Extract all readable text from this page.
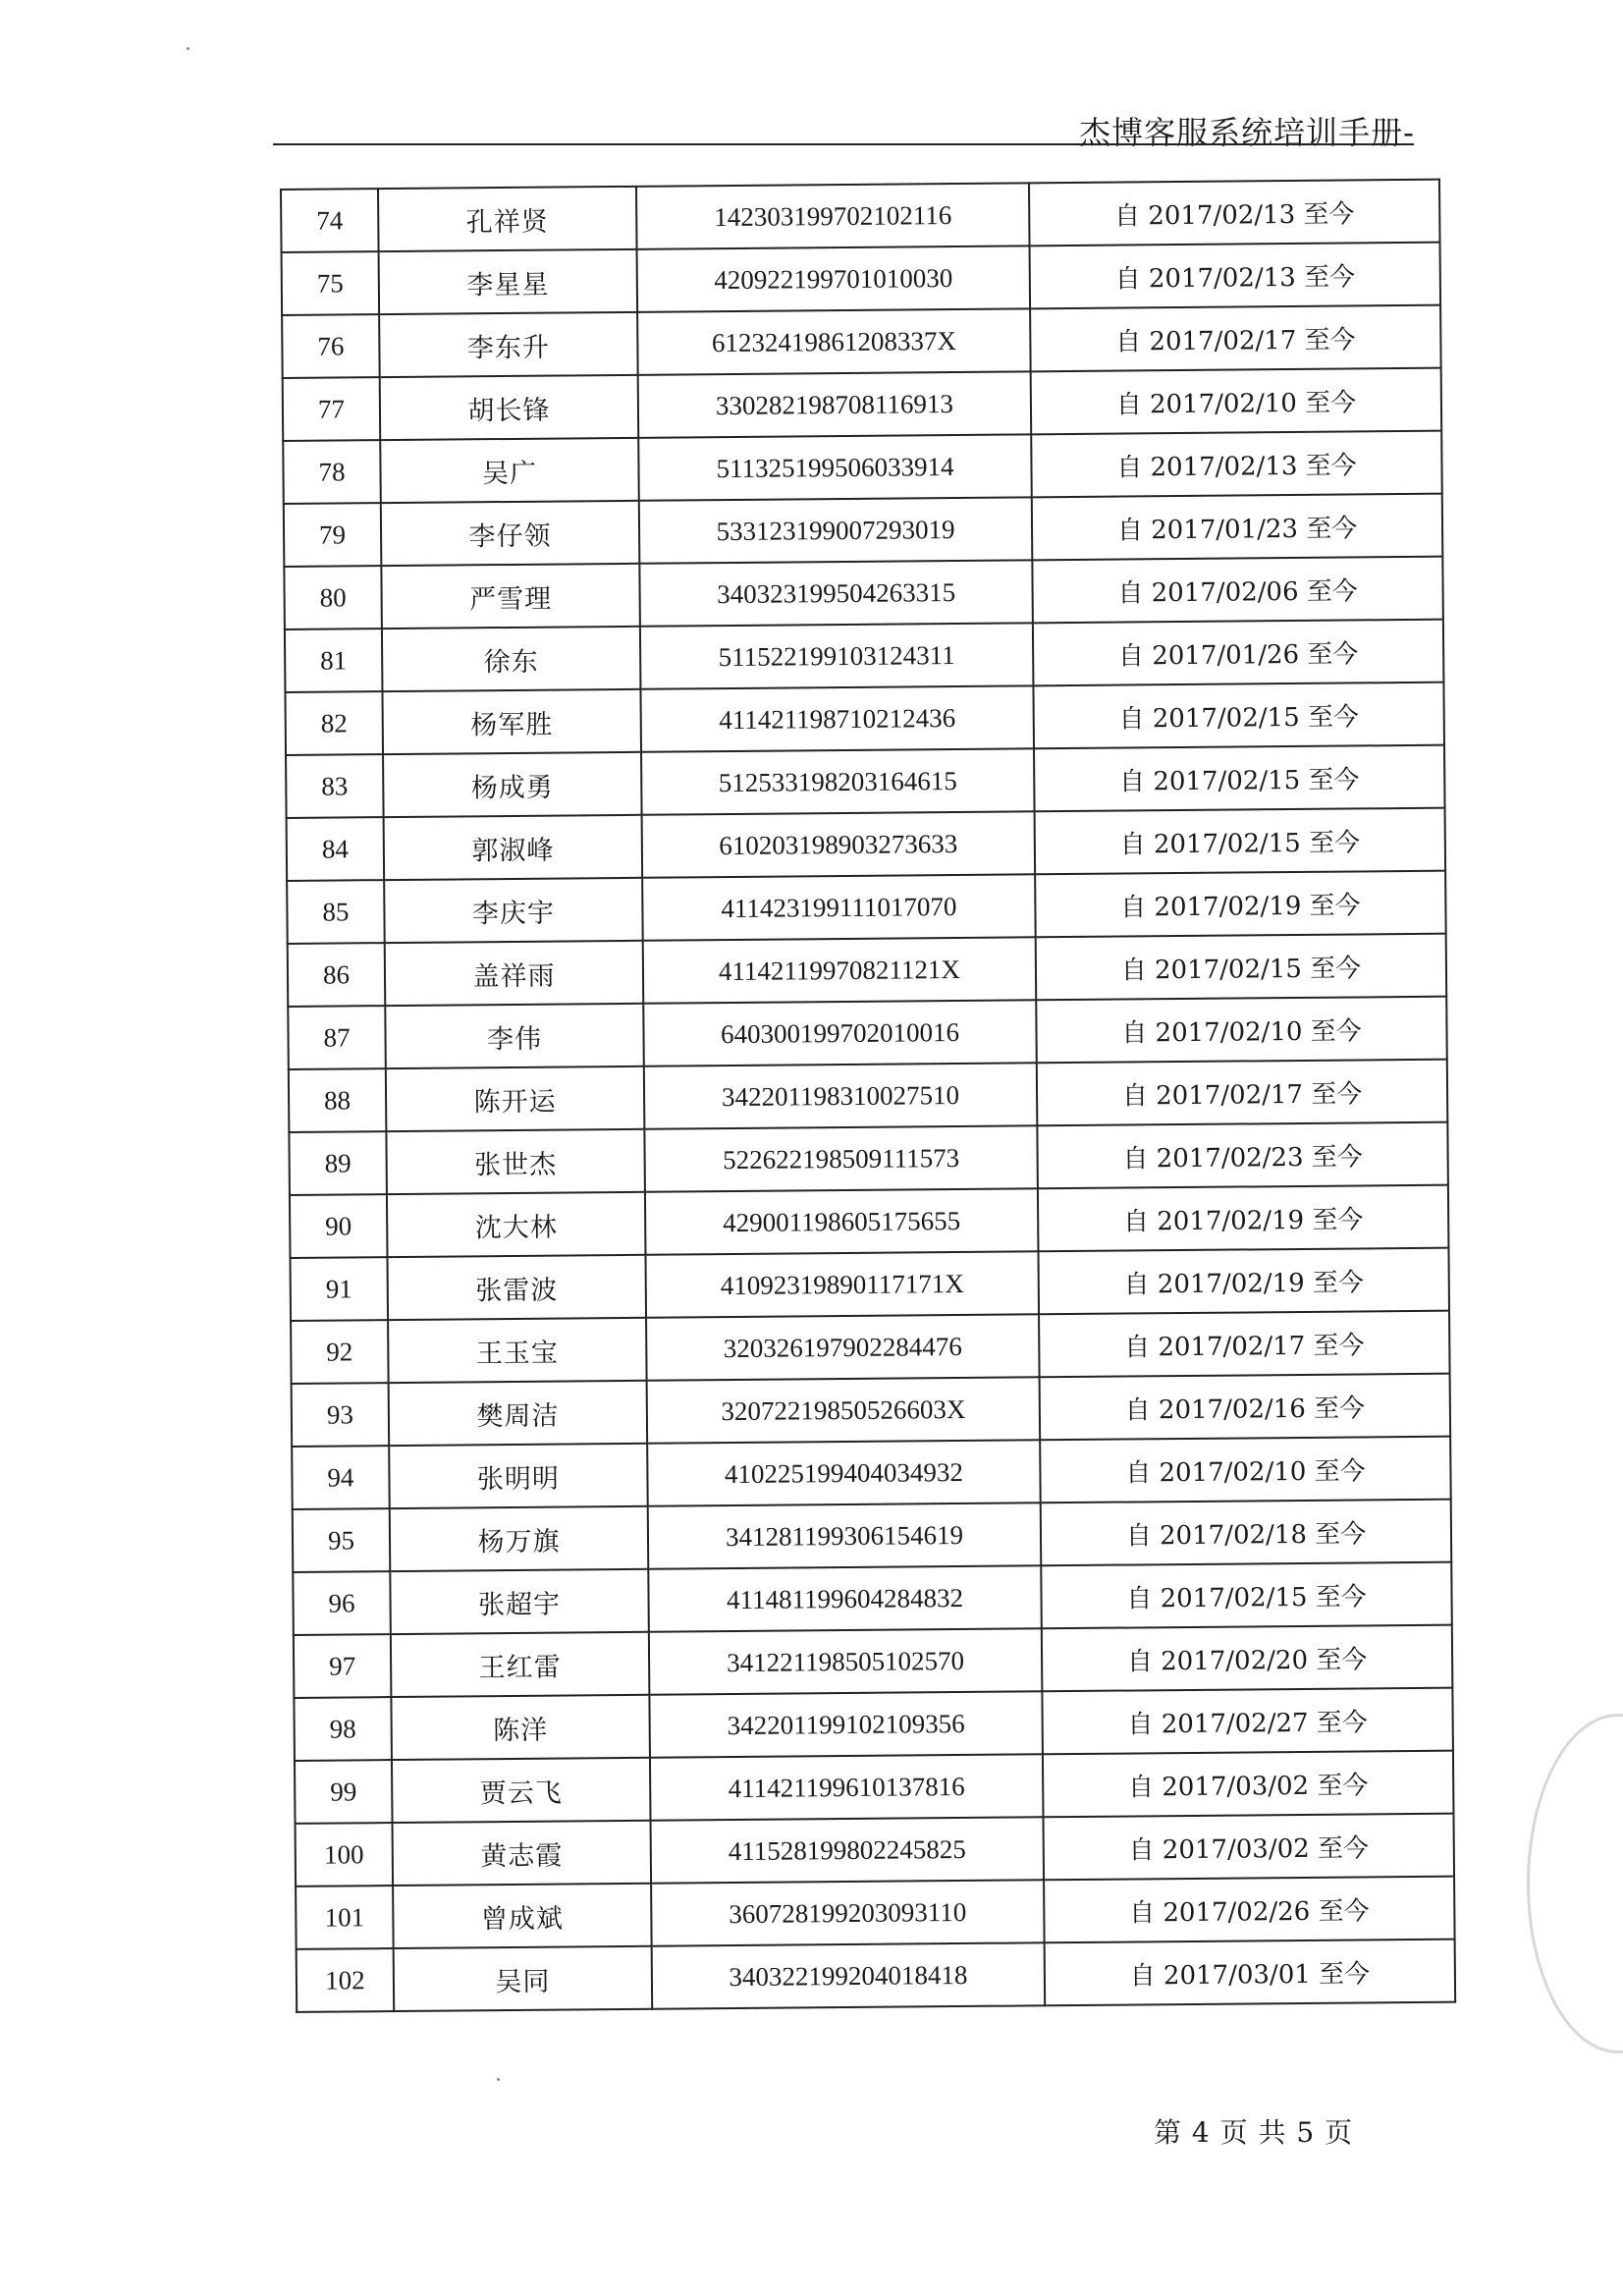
杰博客服系统培训手册-
74	孔祥贤	142303199702102116	自 2017/02/13 至今
75	李星星	420922199701010030	自 2017/02/13 至今
76	李东升	61232419861208337X	自 2017/02/17 至今
77	胡长锋	330282198708116913	自 2017/02/10 至今
78	吴广	511325199506033914	自 2017/02/13 至今
79	李仔领	533123199007293019	自 2017/01/23 至今
80	严雪理	340323199504263315	自 2017/02/06 至今
81	徐东	511522199103124311	自 2017/01/26 至今
82	杨军胜	411421198710212436	自 2017/02/15 至今
83	杨成勇	512533198203164615	自 2017/02/15 至今
84	郭淑峰	610203198903273633	自 2017/02/15 至今
85	李庆宇	411423199111017070	自 2017/02/19 至今
86	盖祥雨	41142119970821121X	自 2017/02/15 至今
87	李伟	640300199702010016	自 2017/02/10 至今
88	陈开运	342201198310027510	自 2017/02/17 至今
89	张世杰	522622198509111573	自 2017/02/23 至今
90	沈大林	429001198605175655	自 2017/02/19 至今
91	张雷波	41092319890117171X	自 2017/02/19 至今
92	王玉宝	320326197902284476	自 2017/02/17 至今
93	樊周洁	32072219850526603X	自 2017/02/16 至今
94	张明明	410225199404034932	自 2017/02/10 至今
95	杨万旗	341281199306154619	自 2017/02/18 至今
96	张超宇	411481199604284832	自 2017/02/15 至今
97	王红雷	341221198505102570	自 2017/02/20 至今
98	陈洋	342201199102109356	自 2017/02/27 至今
99	贾云飞	411421199610137816	自 2017/03/02 至今
100	黄志霞	411528199802245825	自 2017/03/02 至今
101	曾成斌	360728199203093110	自 2017/02/26 至今
102	吴同	340322199204018418	自 2017/03/01 至今
第 4 页 共 5 页
